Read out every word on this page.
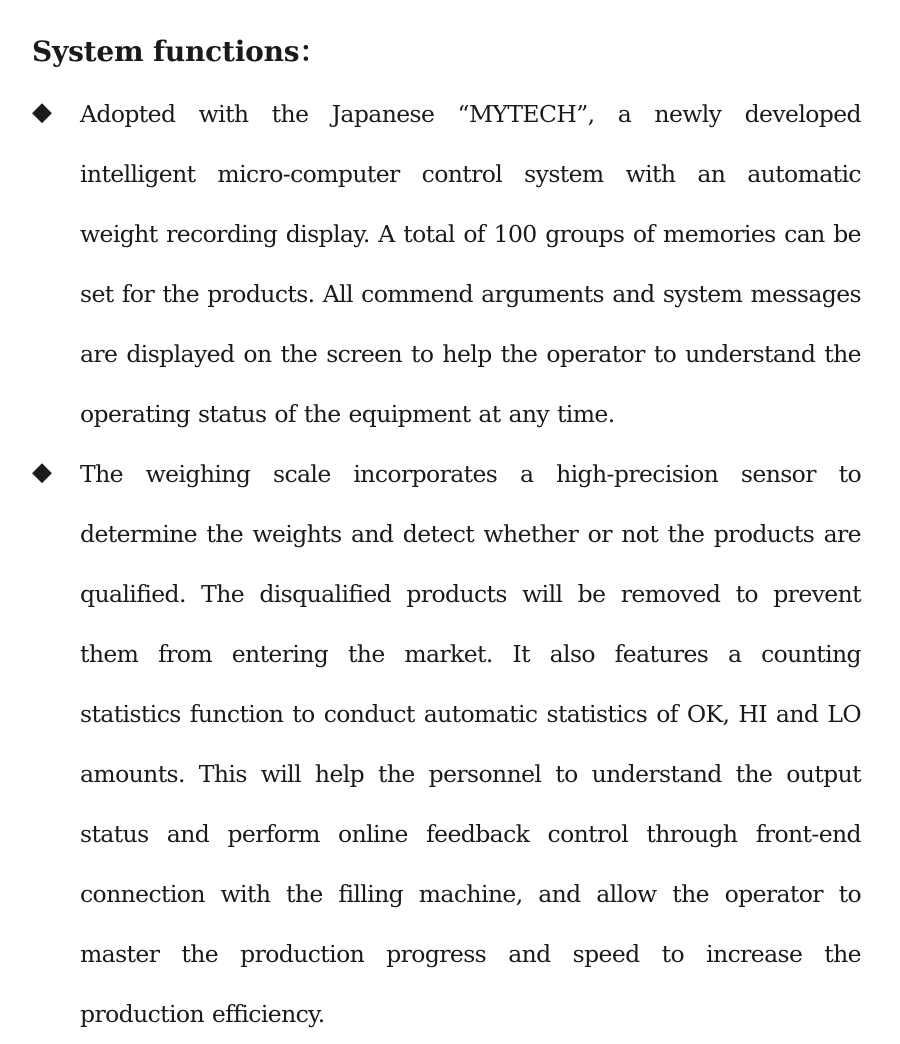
System functions：
◆	Adopted with the Japanese “MYTECH”, a newly developed intelligent micro-computer control system with an automatic weight recording display. A total of 100 groups of memories can be set for the products. All commend arguments and system messages are displayed on the screen to help the operator to understand the operating status of the equipment at any time.

◆	The weighing scale incorporates a high-precision sensor to determine the weights and detect whether or not the products are qualified. The disqualified products will be removed to prevent them from entering the market. It also features a counting statistics function to conduct automatic statistics of OK, HI and LO amounts. This will help the personnel to understand the output status and perform online feedback control through front-end connection with the filling machine, and allow the operator to master the production progress and speed to increase the production efficiency.
